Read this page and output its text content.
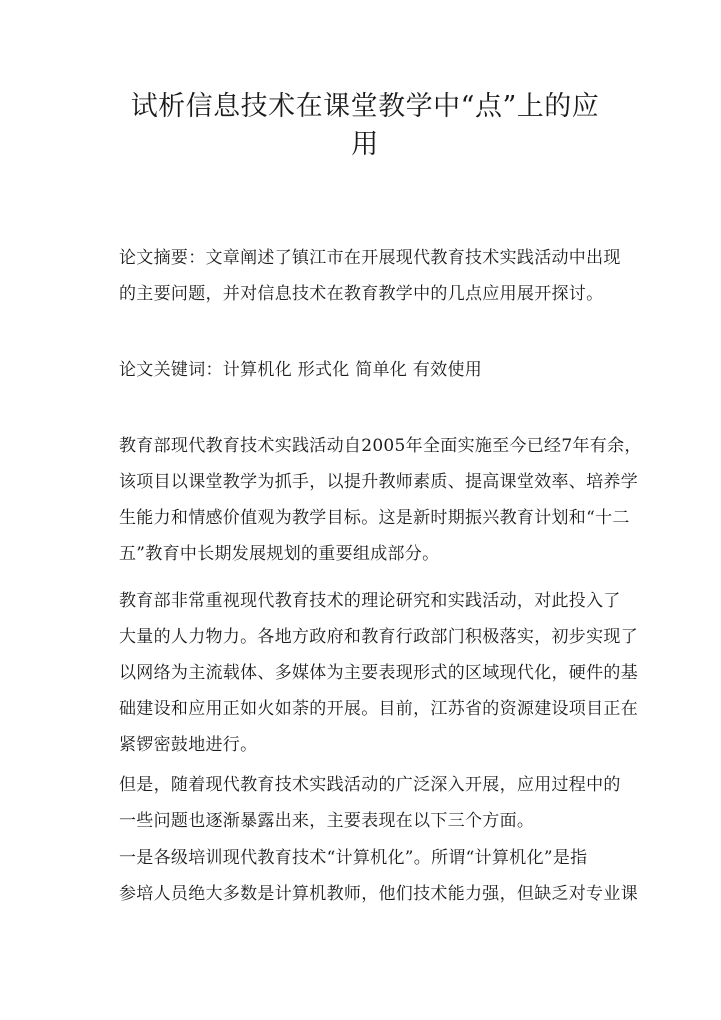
试析信息技术在课堂教学中“点”上的应
用

论文摘要：文章阐述了镇江市在开展现代教育技术实践活动中出现
的主要问题，并对信息技术在教育教学中的几点应用展开探讨。

论文关键词：计算机化 形式化 简单化 有效使用

教育部现代教育技术实践活动自2005年全面实施至今已经7年有余，
该项目以课堂教学为抓手，以提升教师素质、提高课堂效率、培养学
生能力和情感价值观为教学目标。这是新时期振兴教育计划和“十二
五”教育中长期发展规划的重要组成部分。

教育部非常重视现代教育技术的理论研究和实践活动，对此投入了
大量的人力物力。各地方政府和教育行政部门积极落实，初步实现了
以网络为主流载体、多媒体为主要表现形式的区域现代化，硬件的基
础建设和应用正如火如荼的开展。目前，江苏省的资源建设项目正在
紧锣密鼓地进行。

但是，随着现代教育技术实践活动的广泛深入开展，应用过程中的
一些问题也逐渐暴露出来，主要表现在以下三个方面。

一是各级培训现代教育技术“计算机化”。所谓“计算机化”是指
参培人员绝大多数是计算机教师，他们技术能力强，但缺乏对专业课
